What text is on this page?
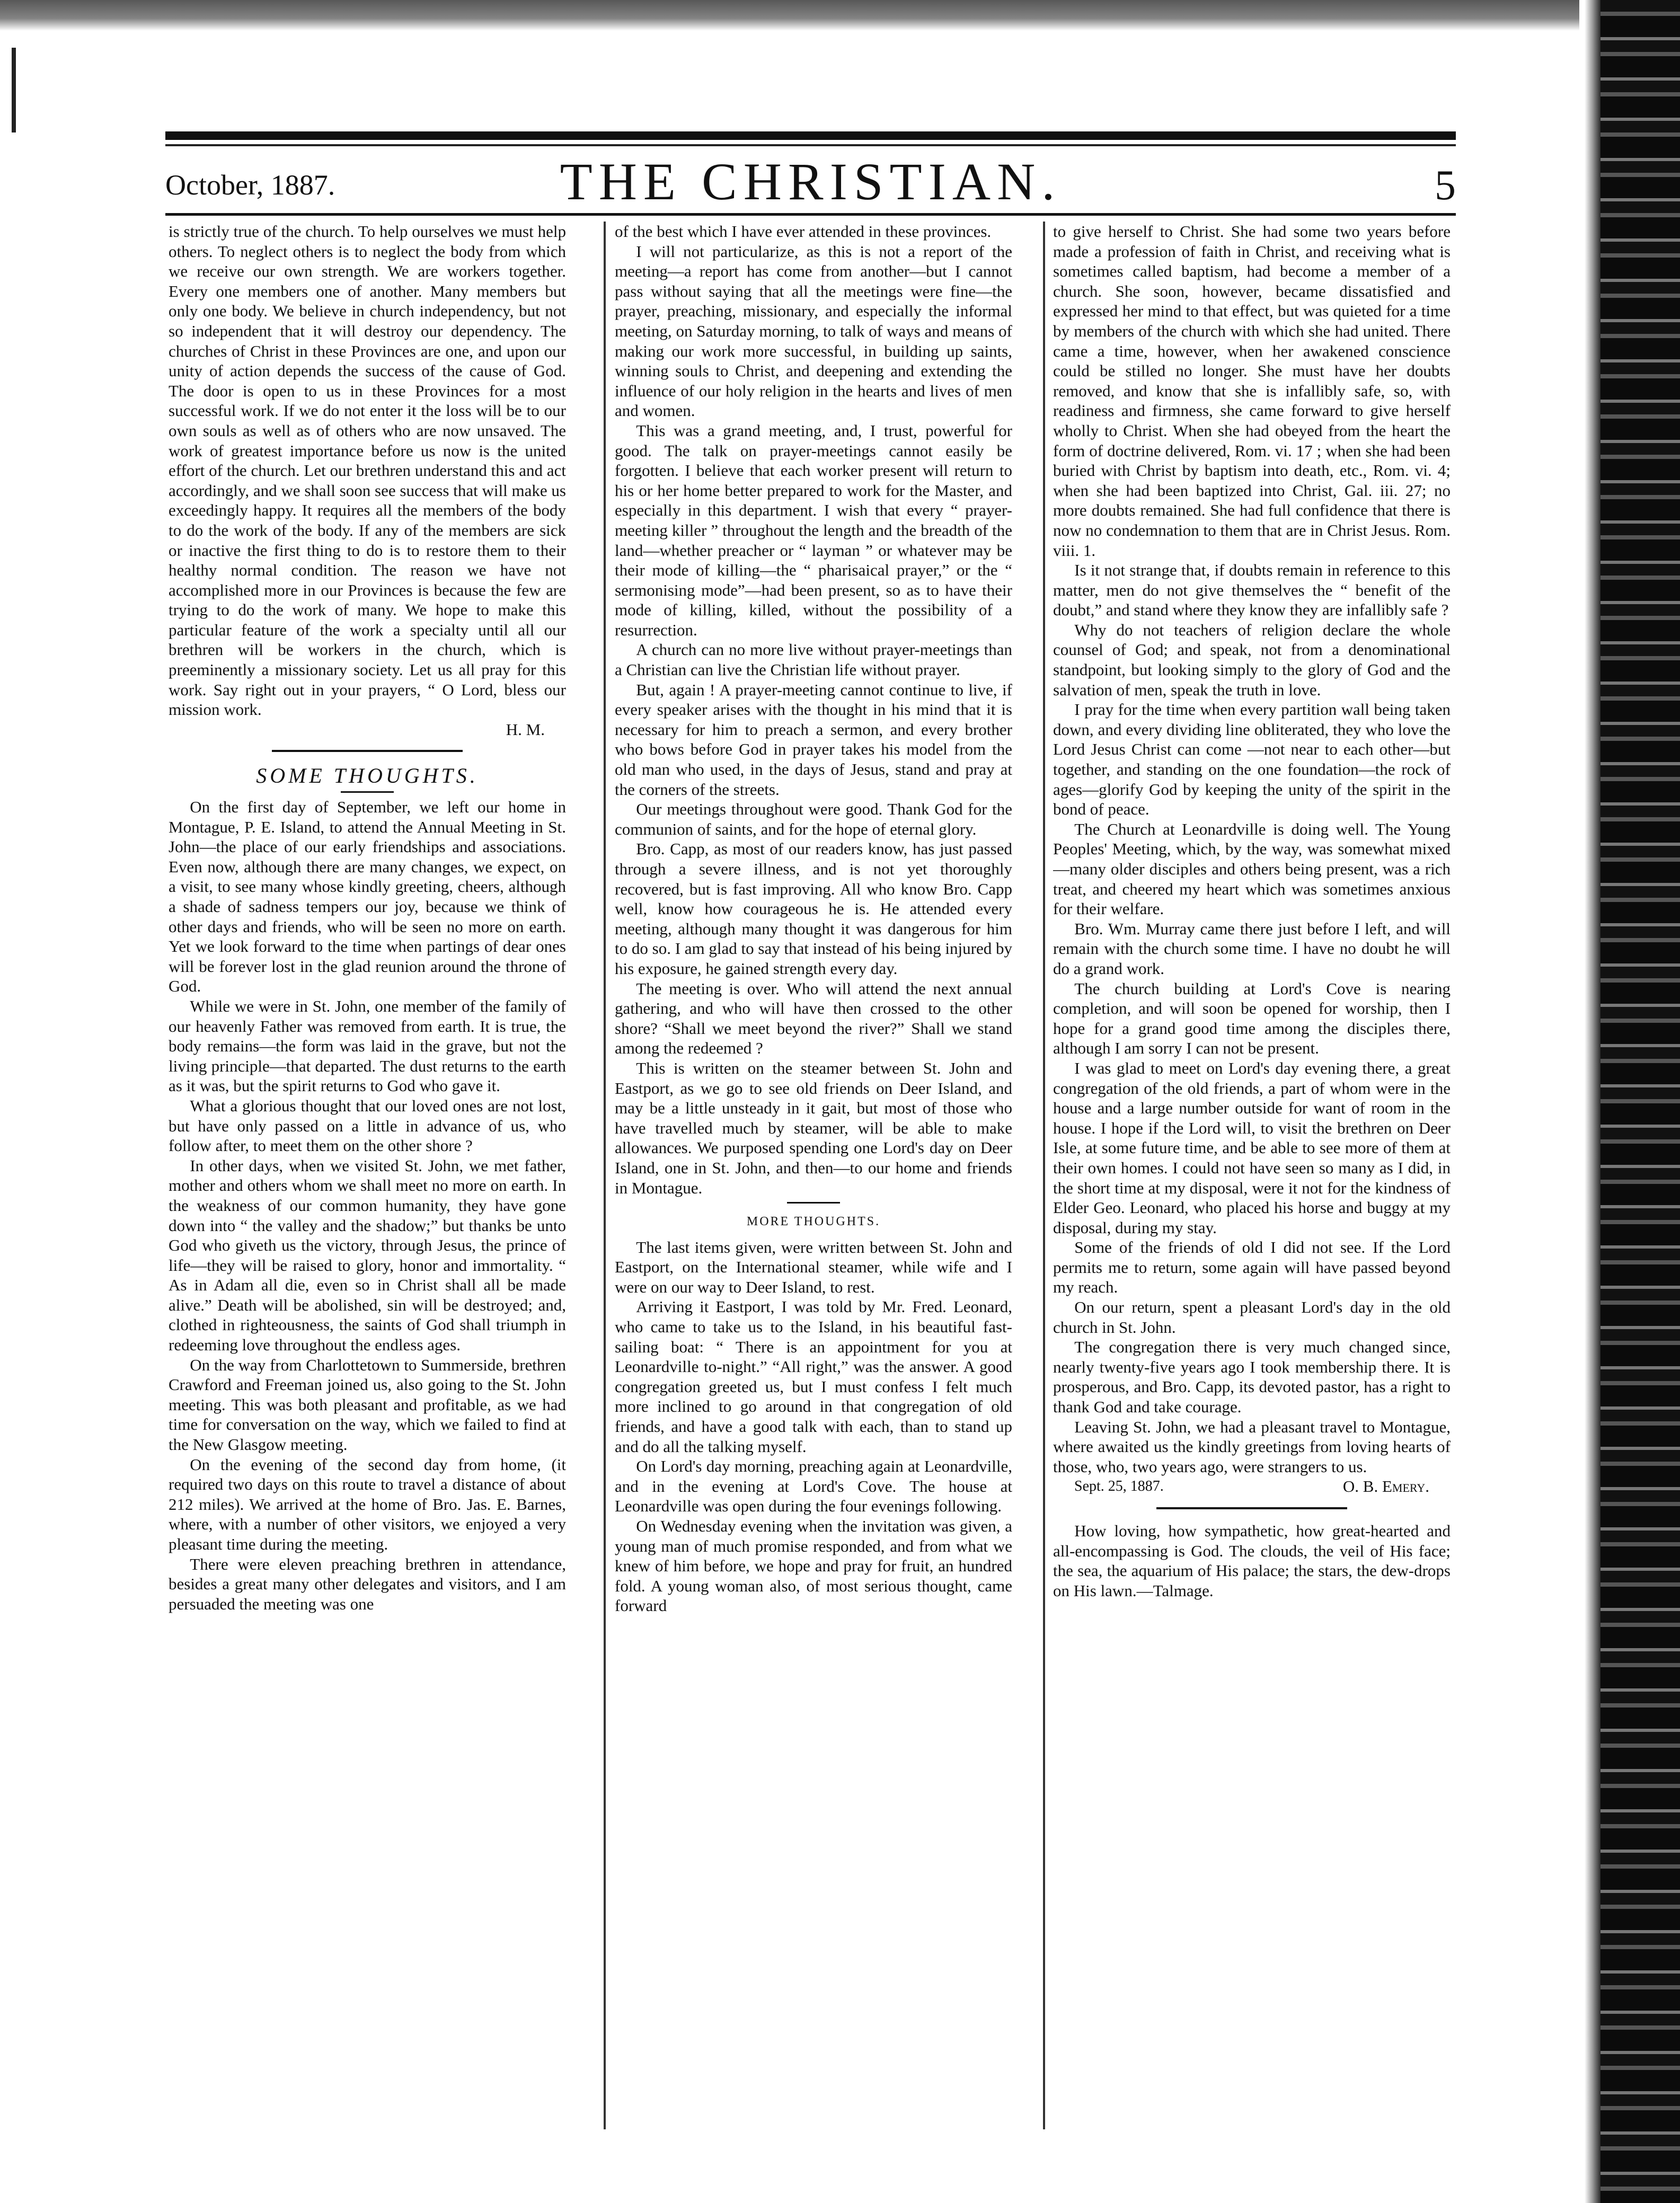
October, 1887.	THE CHRISTIAN.	5

is strictly true of the church. To help ourselves we must help others. To neglect others is to neglect the body from which we receive our own strength. We are workers together. Every one members one of another. Many members but only one body. We believe in church independency, but not so independent that it will destroy our dependency. The churches of Christ in these Provinces are one, and upon our unity of action depends the success of the cause of God. The door is open to us in these Provinces for a most successful work. If we do not enter it the loss will be to our own souls as well as of others who are now unsaved. The work of greatest importance before us now is the united effort of the church. Let our brethren understand this and act accordingly, and we shall soon see success that will make us exceedingly happy. It requires all the members of the body to do the work of the body. If any of the members are sick or inactive the first thing to do is to restore them to their healthy normal condition. The reason we have not accomplished more in our Provinces is because the few are trying to do the work of many. We hope to make this particular feature of the work a specialty until all our brethren will be workers in the church, which is preeminently a missionary society. Let us all pray for this work. Say right out in your prayers, “ O Lord, bless our mission work.

H. M.

SOME THOUGHTS.

On the first day of September, we left our home in Montague, P. E. Island, to attend the Annual Meeting in St. John—the place of our early friendships and associations. Even now, although there are many changes, we expect, on a visit, to see many whose kindly greeting, cheers, although a shade of sadness tempers our joy, because we think of other days and friends, who will be seen no more on earth. Yet we look forward to the time when partings of dear ones will be forever lost in the glad reunion around the throne of God.

While we were in St. John, one member of the family of our heavenly Father was removed from earth. It is true, the body remains—the form was laid in the grave, but not the living principle—that departed. The dust returns to the earth as it was, but the spirit returns to God who gave it.

What a glorious thought that our loved ones are not lost, but have only passed on a little in advance of us, who follow after, to meet them on the other shore ?

In other days, when we visited St. John, we met father, mother and others whom we shall meet no more on earth. In the weakness of our common humanity, they have gone down into “ the valley and the shadow;” but thanks be unto God who giveth us the victory, through Jesus, the prince of life—they will be raised to glory, honor and immortality. “ As in Adam all die, even so in Christ shall all be made alive.” Death will be abolished, sin will be destroyed; and, clothed in righteousness, the saints of God shall triumph in redeeming love throughout the endless ages.

On the way from Charlottetown to Summerside, brethren Crawford and Freeman joined us, also going to the St. John meeting. This was both pleasant and profitable, as we had time for conversation on the way, which we failed to find at the New Glasgow meeting.

On the evening of the second day from home, (it required two days on this route to travel a distance of about 212 miles). We arrived at the home of Bro. Jas. E. Barnes, where, with a number of other visitors, we enjoyed a very pleasant time during the meeting.

There were eleven preaching brethren in attendance, besides a great many other delegates and visitors, and I am persuaded the meeting was one

of the best which I have ever attended in these provinces.

I will not particularize, as this is not a report of the meeting—a report has come from another—but I cannot pass without saying that all the meetings were fine—the prayer, preaching, missionary, and especially the informal meeting, on Saturday morning, to talk of ways and means of making our work more successful, in building up saints, winning souls to Christ, and deepening and extending the influence of our holy religion in the hearts and lives of men and women.

This was a grand meeting, and, I trust, powerful for good. The talk on prayer-meetings cannot easily be forgotten. I believe that each worker present will return to his or her home better prepared to work for the Master, and especially in this department. I wish that every “ prayer-meeting killer ” throughout the length and the breadth of the land—whether preacher or “ layman ” or whatever may be their mode of killing—the “ pharisaical prayer,” or the “ sermonising mode”—had been present, so as to have their mode of killing, killed, without the possibility of a resurrection.

A church can no more live without prayer-meetings than a Christian can live the Christian life without prayer.

But, again ! A prayer-meeting cannot continue to live, if every speaker arises with the thought in his mind that it is necessary for him to preach a sermon, and every brother who bows before God in prayer takes his model from the old man who used, in the days of Jesus, stand and pray at the corners of the streets.

Our meetings throughout were good. Thank God for the communion of saints, and for the hope of eternal glory.

Bro. Capp, as most of our readers know, has just passed through a severe illness, and is not yet thoroughly recovered, but is fast improving. All who know Bro. Capp well, know how courageous he is. He attended every meeting, although many thought it was dangerous for him to do so. I am glad to say that instead of his being injured by his exposure, he gained strength every day.

The meeting is over. Who will attend the next annual gathering, and who will have then crossed to the other shore? “Shall we meet beyond the river?” Shall we stand among the redeemed ?

This is written on the steamer between St. John and Eastport, as we go to see old friends on Deer Island, and may be a little unsteady in it gait, but most of those who have travelled much by steamer, will be able to make allowances. We purposed spending one Lord's day on Deer Island, one in St. John, and then—to our home and friends in Montague.

MORE THOUGHTS.

The last items given, were written between St. John and Eastport, on the International steamer, while wife and I were on our way to Deer Island, to rest.

Arriving it Eastport, I was told by Mr. Fred. Leonard, who came to take us to the Island, in his beautiful fast-sailing boat: “ There is an appointment for you at Leonardville to-night.” “All right,” was the answer. A good congregation greeted us, but I must confess I felt much more inclined to go around in that congregation of old friends, and have a good talk with each, than to stand up and do all the talking myself.

On Lord's day morning, preaching again at Leonardville, and in the evening at Lord's Cove. The house at Leonardville was open during the four evenings following.

On Wednesday evening when the invitation was given, a young man of much promise responded, and from what we knew of him before, we hope and pray for fruit, an hundred fold. A young woman also, of most serious thought, came forward

to give herself to Christ. She had some two years before made a profession of faith in Christ, and receiving what is sometimes called baptism, had become a member of a church. She soon, however, became dissatisfied and expressed her mind to that effect, but was quieted for a time by members of the church with which she had united. There came a time, however, when her awakened conscience could be stilled no longer. She must have her doubts removed, and know that she is infallibly safe, so, with readiness and firmness, she came forward to give herself wholly to Christ. When she had obeyed from the heart the form of doctrine delivered, Rom. vi. 17 ; when she had been buried with Christ by baptism into death, etc., Rom. vi. 4; when she had been baptized into Christ, Gal. iii. 27; no more doubts remained. She had full confidence that there is now no condemnation to them that are in Christ Jesus. Rom. viii. 1.

Is it not strange that, if doubts remain in reference to this matter, men do not give themselves the “ benefit of the doubt,” and stand where they know they are infallibly safe ?

Why do not teachers of religion declare the whole counsel of God; and speak, not from a denominational standpoint, but looking simply to the glory of God and the salvation of men, speak the truth in love.

I pray for the time when every partition wall being taken down, and every dividing line obliterated, they who love the Lord Jesus Christ can come —not near to each other—but together, and standing on the one foundation—the rock of ages—glorify God by keeping the unity of the spirit in the bond of peace.

The Church at Leonardville is doing well. The Young Peoples' Meeting, which, by the way, was somewhat mixed—many older disciples and others being present, was a rich treat, and cheered my heart which was sometimes anxious for their welfare.

Bro. Wm. Murray came there just before I left, and will remain with the church some time. I have no doubt he will do a grand work.

The church building at Lord's Cove is nearing completion, and will soon be opened for worship, then I hope for a grand good time among the disciples there, although I am sorry I can not be present.

I was glad to meet on Lord's day evening there, a great congregation of the old friends, a part of whom were in the house and a large number outside for want of room in the house. I hope if the Lord will, to visit the brethren on Deer Isle, at some future time, and be able to see more of them at their own homes. I could not have seen so many as I did, in the short time at my disposal, were it not for the kindness of Elder Geo. Leonard, who placed his horse and buggy at my disposal, during my stay.

Some of the friends of old I did not see. If the Lord permits me to return, some again will have passed beyond my reach.

On our return, spent a pleasant Lord's day in the old church in St. John.

The congregation there is very much changed since, nearly twenty-five years ago I took membership there. It is prosperous, and Bro. Capp, its devoted pastor, has a right to thank God and take courage.

Leaving St. John, we had a pleasant travel to Montague, where awaited us the kindly greetings from loving hearts of those, who, two years ago, were strangers to us.

Sept. 25, 1887.	O. B. Emery.

How loving, how sympathetic, how great-hearted and all-encompassing is God. The clouds, the veil of His face; the sea, the aquarium of His palace; the stars, the dew-drops on His lawn.—Talmage.
